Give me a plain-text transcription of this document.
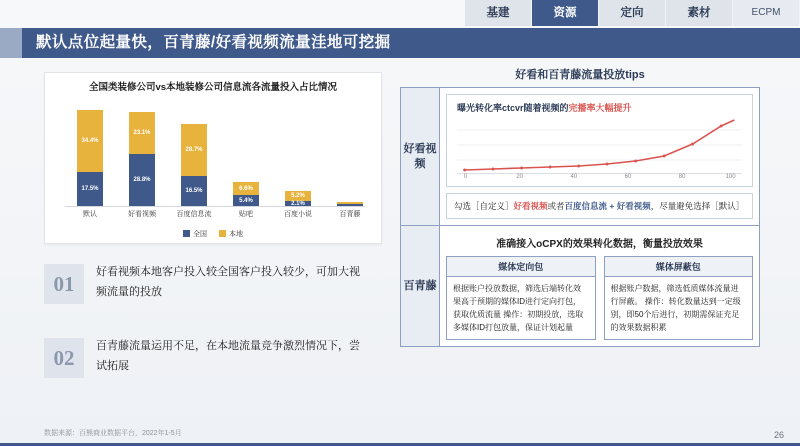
基建	资源	定向	素材	ECPM
默认点位起量快，百青藤/好看视频流量洼地可挖掘
全国类装修公司vs本地装修公司信息流各流量投入占比情况
34.4%
17.5%
23.1%
28.8%
28.7%
16.5%	6.6%
5.4%
5.2%
2.1%
默认	好看视频	百度信息流	贴吧	百度小说	百青藤
全国	本地
01	好看视频本地客户投入较全国客户投入较少，可加大视频流量的投放
02	百青藤流量运用不足，在本地流量竞争激烈情况下，尝试拓展
好看和百青藤流量投放tips
好看视频
曝光转化率ctcvr随着视频的完播率大幅提升
0	20	40	60	80	100
勾选［自定义］好看视频或者百度信息流 + 好看视频，尽量避免选择［默认］
百青藤
准确接入oCPX的效果转化数据，衡量投放效果
媒体定向包
根据账户投放数据，筛选后端转化效果高于预期的媒体ID进行定向打包，获取优质流量 操作：初期投放，选取多媒体ID打包放量，保证计划起量
媒体屏蔽包
根据账户数据，筛选低质媒体流量进行屏蔽。 操作：转化数量达到一定级别，即50个后进行，初期需保证充足的效果数据积累
数据来源：百熊商业数据平台，2022年1-5月	26
